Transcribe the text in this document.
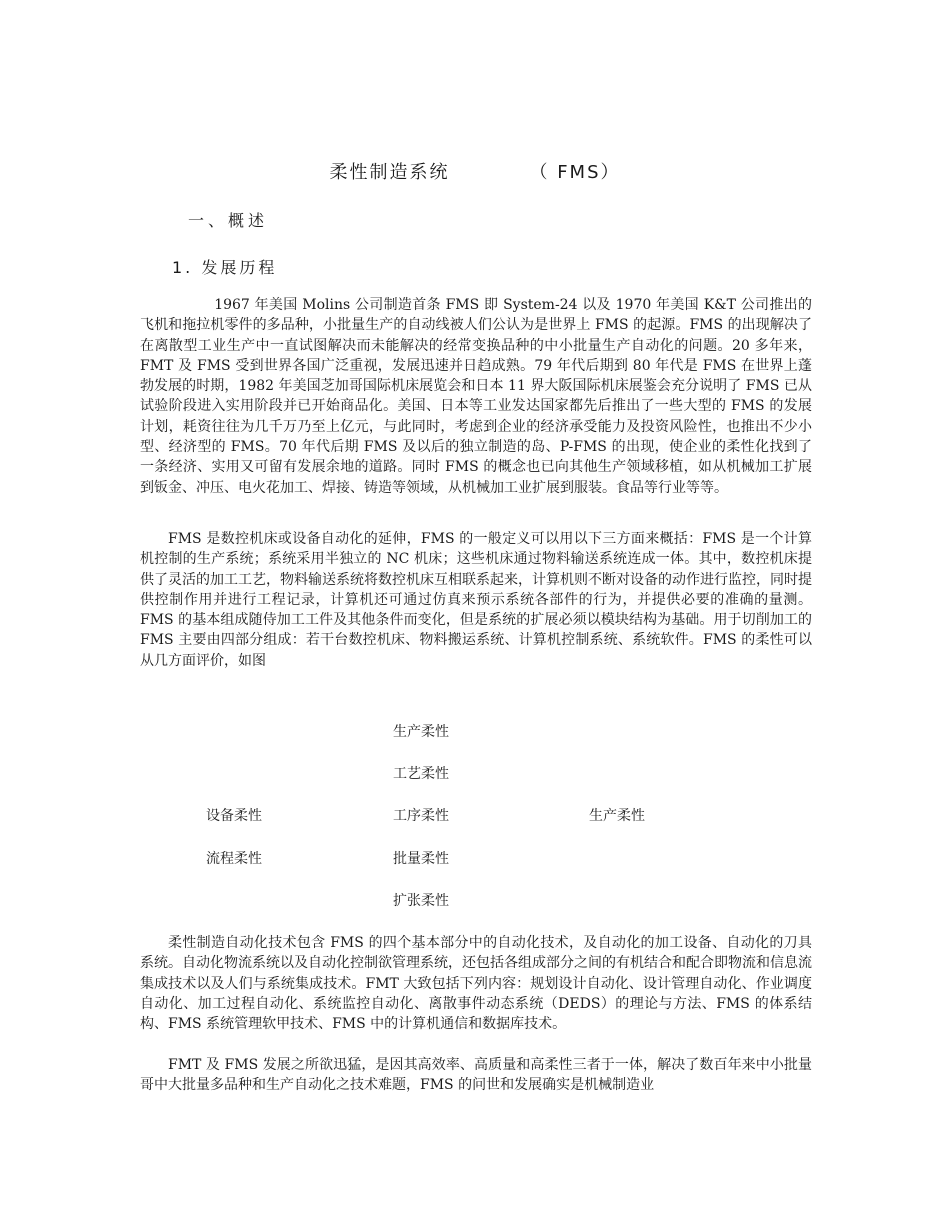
柔性制造系统	（ FMS）
一、概述
1. 发展历程

1967 年美国 Molins 公司制造首条 FMS 即 System-24 以及 1970 年美国 K&T 公司推出的飞机和拖拉机零件的多品种，小批量生产的自动线被人们公认为是世界上 FMS 的起源。FMS 的出现解决了在离散型工业生产中一直试图解决而未能解决的经常变换品种的中小批量生产自动化的问题。20 多年来，FMT 及 FMS 受到世界各国广泛重视，发展迅速并日趋成熟。79 年代后期到 80 年代是 FMS 在世界上蓬勃发展的时期，1982 年美国芝加哥国际机床展览会和日本 11 界大阪国际机床展鉴会充分说明了 FMS 已从试验阶段进入实用阶段并已开始商品化。美国、日本等工业发达国家都先后推出了一些大型的 FMS 的发展计划，耗资往往为几千万乃至上亿元，与此同时，考虑到企业的经济承受能力及投资风险性，也推出不少小型、经济型的 FMS。70 年代后期 FMS 及以后的独立制造的岛、P-FMS 的出现，使企业的柔性化找到了一条经济、实用又可留有发展余地的道路。同时 FMS 的概念也已向其他生产领域移植，如从机械加工扩展到钣金、冲压、电火花加工、焊接、铸造等领域，从机械加工业扩展到服装。食品等行业等等。

FMS 是数控机床或设备自动化的延伸，FMS 的一般定义可以用以下三方面来概括：FMS 是一个计算机控制的生产系统；系统采用半独立的 NC 机床；这些机床通过物料输送系统连成一体。其中，数控机床提供了灵活的加工工艺，物料输送系统将数控机床互相联系起来，计算机则不断对设备的动作进行监控，同时提供控制作用并进行工程记录，计算机还可通过仿真来预示系统各部件的行为，并提供必要的准确的量测。FMS 的基本组成随侍加工工件及其他条件而变化，但是系统的扩展必须以模块结构为基础。用于切削加工的 FMS 主要由四部分组成：若干台数控机床、物料搬运系统、计算机控制系统、系统软件。FMS 的柔性可以从几方面评价，如图

生产柔性
工艺柔性
工序柔性
批量柔性
扩张柔性
设备柔性
流程柔性
生产柔性

柔性制造自动化技术包含 FMS 的四个基本部分中的自动化技术，及自动化的加工设备、自动化的刀具系统。自动化物流系统以及自动化控制欲管理系统，还包括各组成部分之间的有机结合和配合即物流和信息流集成技术以及人们与系统集成技术。FMT 大致包括下列内容：规划设计自动化、设计管理自动化、作业调度自动化、加工过程自动化、系统监控自动化、离散事件动态系统（DEDS）的理论与方法、FMS 的体系结构、FMS 系统管理软甲技术、FMS 中的计算机通信和数据库技术。

FMT 及 FMS 发展之所欲迅猛，是因其高效率、高质量和高柔性三者于一体，解决了数百年来中小批量哥中大批量多品种和生产自动化之技术难题，FMS 的问世和发展确实是机械制造业
